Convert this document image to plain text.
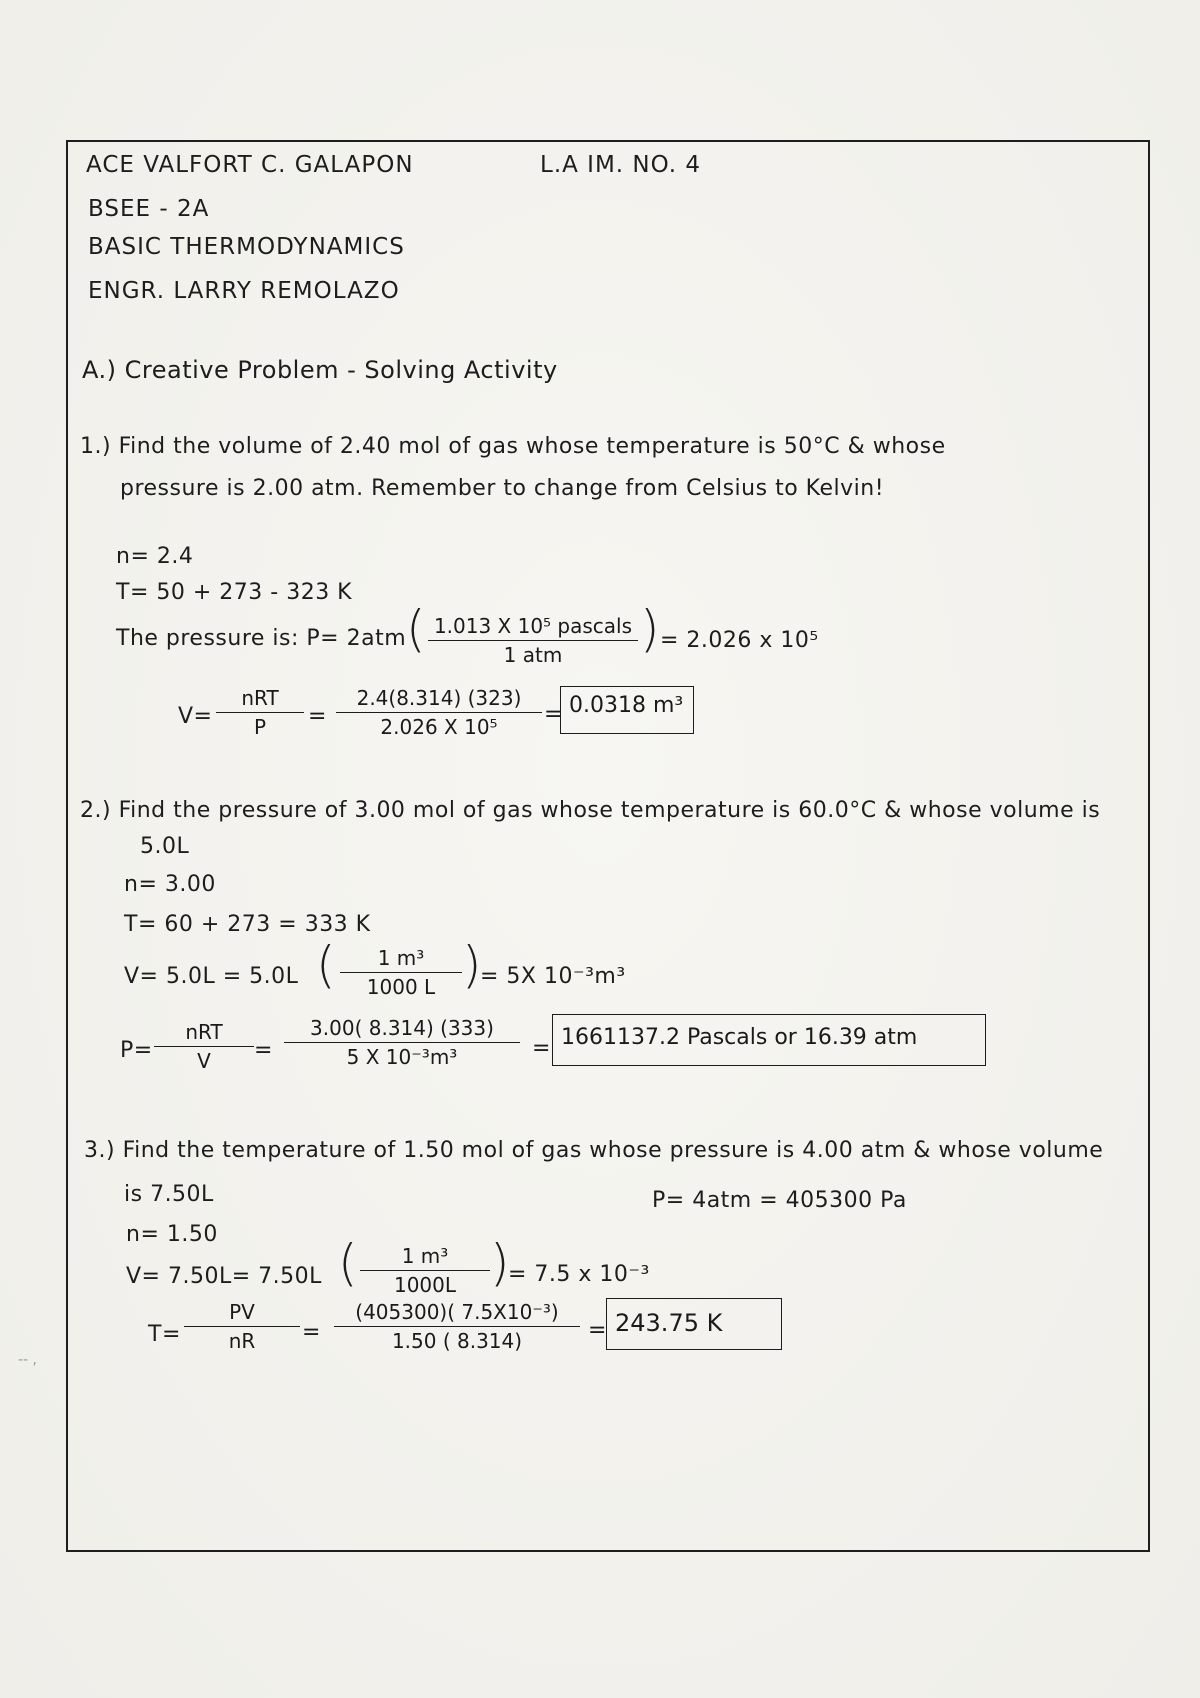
ACE VALFORT C. GALAPON	L.A IM. NO. 4
BSEE - 2A
BASIC THERMODYNAMICS
ENGR. LARRY REMOLAZO
A.) Creative Problem - Solving Activity
1.) Find the volume of 2.40 mol of gas whose temperature is 50°C & whose
pressure is 2.00 atm. Remember to change from Celsius to Kelvin!
n= 2.4
T= 50 + 273 - 323 K
The pressure is: P= 2atm ( 1.013 X 10⁵ pascals
1 atm	) = 2.026 x 10⁵
V=
nRT
P	=
2.4(8.314) (323)
2.026 X 10⁵	= 0.0318 m³
2.) Find the pressure of 3.00 mol of gas whose temperature is 60.0°C & whose volume is
5.0L
n= 3.00
T= 60 + 273 = 333 K
V= 5.0L = 5.0L (	1 m³
1000 L )
= 5X 10⁻³m³
P=
nRT
V	=
3.00( 8.314) (333)
5 X 10⁻³m³	= 1661137.2 Pascals or 16.39 atm
3.) Find the temperature of 1.50 mol of gas whose pressure is 4.00 atm & whose volume
is 7.50L	P= 4atm = 405300 Pa
n= 1.50
V= 7.50L= 7.50L (	1 m³
1000L )
= 7.5 x 10⁻³
T=
PV
nR	=
(405300)( 7.5X10⁻³)
1.50 ( 8.314)	= 243.75 K
-- ,
